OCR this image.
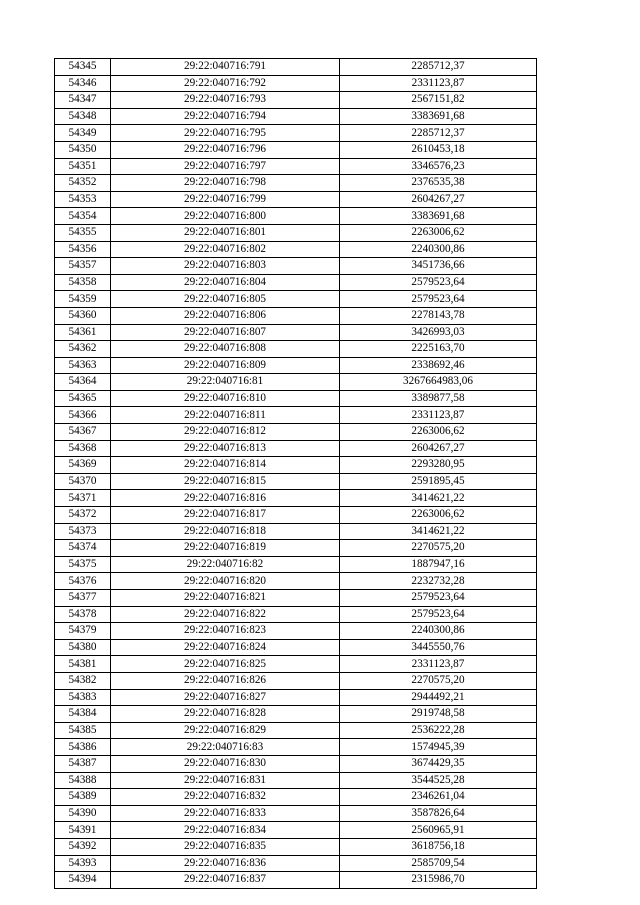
54345	29:22:040716:791	2285712,37
54346	29:22:040716:792	2331123,87
54347	29:22:040716:793	2567151,82
54348	29:22:040716:794	3383691,68
54349	29:22:040716:795	2285712,37
54350	29:22:040716:796	2610453,18
54351	29:22:040716:797	3346576,23
54352	29:22:040716:798	2376535,38
54353	29:22:040716:799	2604267,27
54354	29:22:040716:800	3383691,68
54355	29:22:040716:801	2263006,62
54356	29:22:040716:802	2240300,86
54357	29:22:040716:803	3451736,66
54358	29:22:040716:804	2579523,64
54359	29:22:040716:805	2579523,64
54360	29:22:040716:806	2278143,78
54361	29:22:040716:807	3426993,03
54362	29:22:040716:808	2225163,70
54363	29:22:040716:809	2338692,46
54364	29:22:040716:81	3267664983,06
54365	29:22:040716:810	3389877,58
54366	29:22:040716:811	2331123,87
54367	29:22:040716:812	2263006,62
54368	29:22:040716:813	2604267,27
54369	29:22:040716:814	2293280,95
54370	29:22:040716:815	2591895,45
54371	29:22:040716:816	3414621,22
54372	29:22:040716:817	2263006,62
54373	29:22:040716:818	3414621,22
54374	29:22:040716:819	2270575,20
54375	29:22:040716:82	1887947,16
54376	29:22:040716:820	2232732,28
54377	29:22:040716:821	2579523,64
54378	29:22:040716:822	2579523,64
54379	29:22:040716:823	2240300,86
54380	29:22:040716:824	3445550,76
54381	29:22:040716:825	2331123,87
54382	29:22:040716:826	2270575,20
54383	29:22:040716:827	2944492,21
54384	29:22:040716:828	2919748,58
54385	29:22:040716:829	2536222,28
54386	29:22:040716:83	1574945,39
54387	29:22:040716:830	3674429,35
54388	29:22:040716:831	3544525,28
54389	29:22:040716:832	2346261,04
54390	29:22:040716:833	3587826,64
54391	29:22:040716:834	2560965,91
54392	29:22:040716:835	3618756,18
54393	29:22:040716:836	2585709,54
54394	29:22:040716:837	2315986,70
